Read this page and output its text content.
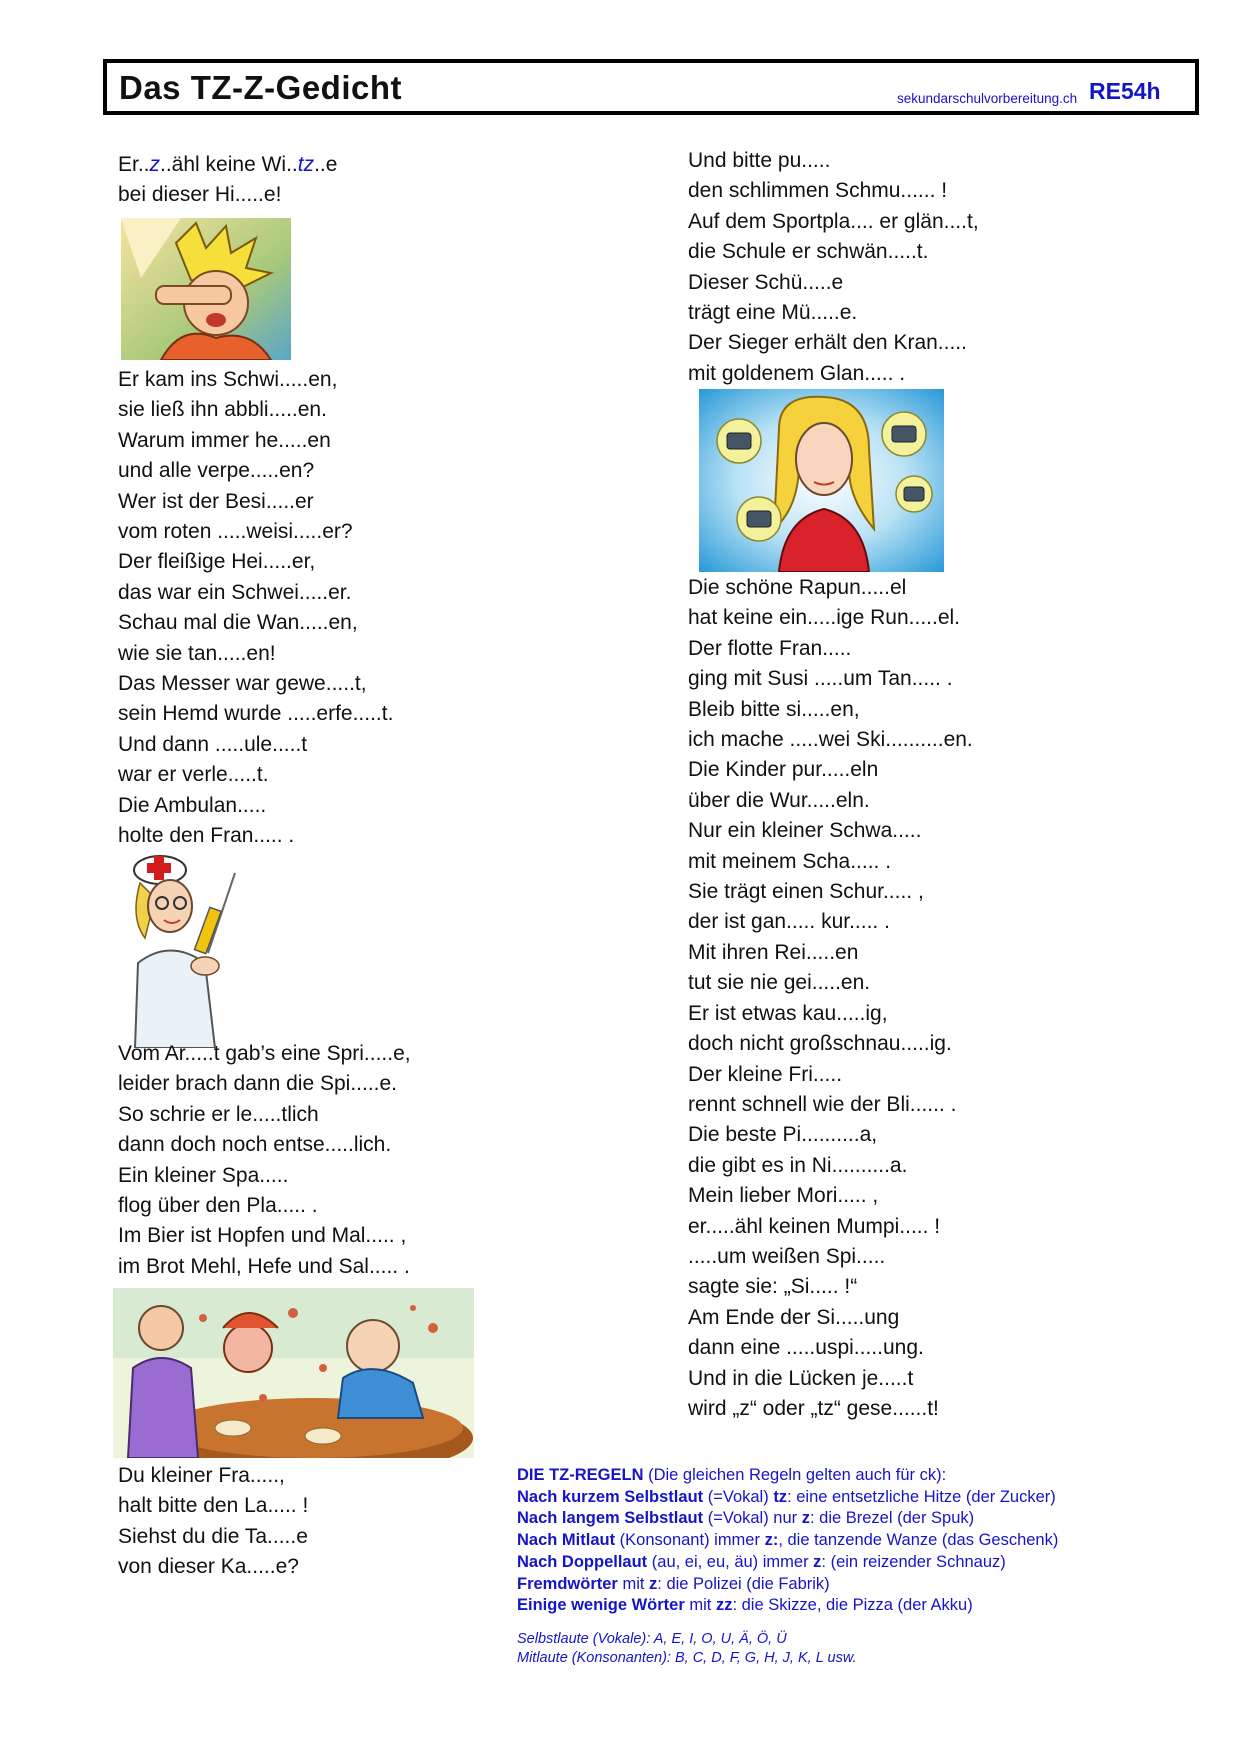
Das TZ-Z-Gedicht	sekundarschulvorbereitung.ch RE54h
Er..z..ähl keine Wi..tz..e
bei dieser Hi.....e!
Er kam ins Schwi.....en,
sie ließ ihn abbli.....en.
Warum immer he.....en
und alle verpe.....en?
Wer ist der Besi.....er
vom roten .....weisi.....er?
Der fleißige Hei.....er,
das war ein Schwei.....er.
Schau mal die Wan.....en,
wie sie tan.....en!
Das Messer war gewe.....t,
sein Hemd wurde .....erfe.....t.
Und dann .....ule.....t
war er verle.....t.
Die Ambulan.....
holte den Fran..... .
Vom Ar.....t gab’s eine Spri.....e,
leider brach dann die Spi.....e.
So schrie er le.....tlich
dann doch noch entse.....lich.
Ein kleiner Spa.....
flog über den Pla..... .
Im Bier ist Hopfen und Mal..... ,
im Brot Mehl, Hefe und Sal..... .
Du kleiner Fra.....,
halt bitte den La..... !
Siehst du die Ta.....e
von dieser Ka.....e?
Und bitte pu.....
den schlimmen Schmu...... !
Auf dem Sportpla.... er glän....t,
die Schule er schwän.....t.
Dieser Schü.....e
trägt eine Mü.....e.
Der Sieger erhält den Kran.....
mit goldenem Glan..... .
Die schöne Rapun.....el
hat keine ein.....ige Run.....el.
Der flotte Fran.....
ging mit Susi .....um Tan..... .
Bleib bitte si.....en,
ich mache .....wei Ski..........en.
Die Kinder pur.....eln
über die Wur.....eln.
Nur ein kleiner Schwa.....
mit meinem Scha..... .
Sie trägt einen Schur..... ,
der ist gan..... kur..... .
Mit ihren Rei.....en
tut sie nie gei.....en.
Er ist etwas kau.....ig,
doch nicht großschnau.....ig.
Der kleine Fri.....
rennt schnell wie der Bli...... .
Die beste Pi..........a,
die gibt es in Ni..........a.
Mein lieber Mori..... ,
er.....ähl keinen Mumpi..... !
.....um weißen Spi.....
sagte sie: „Si..... !“
Am Ende der Si.....ung
dann eine .....uspi.....ung.
Und in die Lücken je.....t
wird „z“ oder „tz“ gese......t!
DIE TZ-REGELN (Die gleichen Regeln gelten auch für ck):
Nach kurzem Selbstlaut (=Vokal) tz: eine entsetzliche Hitze (der Zucker)
Nach langem Selbstlaut (=Vokal) nur z: die Brezel (der Spuk)
Nach Mitlaut (Konsonant) immer z:, die tanzende Wanze (das Geschenk)
Nach Doppellaut (au, ei, eu, äu) immer z: (ein reizender Schnauz)
Fremdwörter mit z: die Polizei (die Fabrik)
Einige wenige Wörter mit zz: die Skizze, die Pizza (der Akku)
Selbstlaute (Vokale): A, E, I, O, U, Ä, Ö, Ü
Mitlaute (Konsonanten): B, C, D, F, G, H, J, K, L usw.
